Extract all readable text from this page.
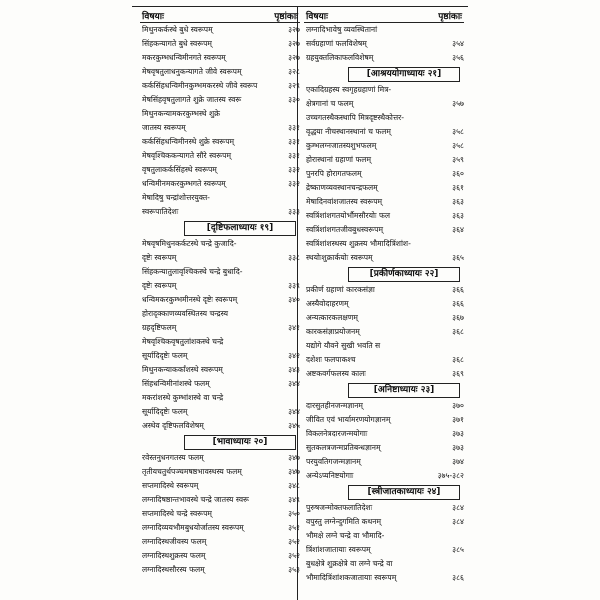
विषयाः	पृष्ठांकाः
मिथुनकर्कस्थे बुधे स्वरूपम्	३२७
सिंहकन्यागते बुधे स्वरूपम्	३२७
मकरकुम्भधन्विमीनगते स्वरूपम्	३२७
मेषवृषतुलाधनुकन्यागते जीवे स्वरूपम्	३२८
कर्कसिंहधन्विमीनकुम्भमकरस्थे जीवे स्वरूप	३२९
मेषसिंहवृषतुलागते शुक्रे जातस्य स्वरू	३३०
मिथुनकन्यामकरकुम्भस्थे शुक्रे
जातस्य स्वरूपम्	३३१
कर्कसिंहधन्विमीनस्थे शुक्रे स्वरूपम्	३३१
मेषवृश्चिककन्यागते सौरे स्वरूपम्	३३१
वृषतुलाकर्कसिंहस्थे स्वरूपम्	३३२
धन्विमीनमकरकुम्भगते स्वरूपम्	३३२
मेषादिषु चन्द्रांशोत्तरयुक्त-
स्वरूपातिदेशः	३३३
[दृष्टिफलाध्यायः १९]
मेषवृषमिथुनकर्कटस्थे चन्द्रे कुजादि-
दृष्टेः स्वरूपम्	३३८
सिंहकन्यातुलावृश्चिकस्थे चन्द्रे बुधादि-
दृष्टेः स्वरूपम्	३३९
धन्विमकरकुम्भमीनस्थे दृष्टेः स्वरूपम्	३४०
होरादृक्काणव्यवस्थितस्य चन्द्रस्य
ग्रहदृष्टिफलम्	३४१
मेषवृश्चिकवृषतुलांशकस्थे चन्द्रे
सूर्यादिदृष्टेः फलम्	३४२
मिथुनकन्याकर्कांशस्थे स्वरूपम्	३४३
सिंहधन्विमीनांशस्थे फलम्	३४४
मकरांशस्थे कुम्भांशस्थे वा चन्द्रे
सूर्यादिदृष्टेः फलम्	३४४
अस्थेव दृष्टिफलविशेषम्	३४५
[भावाध्यायः २०]
रवेस्तनुधनगतस्य फलम्	३४७
तृतीयचतुर्थपञ्चमषष्ठभावस्थस्य फलम्	३४७
सप्तमादिस्थे स्वरूपम्	३४८
लग्नादिषष्ठान्तभावस्थे चन्द्रे जातस्य स्वरू	३४९
सप्तमादिस्थे चन्द्रे स्वरूपम्	३५०
लग्नादिव्ययभौमबुधयोर्जातस्य स्वरूपम्	३५१
लग्नादिस्थजीवस्य फलम्	३५२
लग्नादिस्थशुक्रस्य फलम्	३५२
लग्नादिस्थसौरस्य फलम्	३५३
विषयाः	पृष्ठांकाः
लग्नादिभावेषु व्यवस्थितानां
सर्वग्रहाणां फलविशेषम्	३५४
ग्रहयुक्तलिकाफलविशेषम्	३५६
[आश्रययोगाध्यायः २१]
एकादिग्रहस्य स्वगृहग्रहाणां मित्र-
क्षेत्रगानां च फलम्	३५७
उच्चगतस्थैकस्थापि मित्रदृष्टस्थैकोत्तर-
वृद्धया नीचस्थानस्थानां च फलम्	३५८
कुम्भलग्नजातस्यशुभफलम्	३५८
होरास्थानां ग्रहाणां फलम्	३५९
पुनरपि होरागतफलम्	३६०
द्रेष्काणव्यवस्थानचन्द्रफलम्	३६१
मेषादिनवांशजातस्य स्वरूपम्	३६३
स्वत्रिंशांशगतयोर्भौमसौरयोः फल	३६३
स्वत्रिंशांशगतजीवबुधस्वरूपम्	३६४
स्वत्रिंशांशस्थस्य शुक्रस्य भौमादित्रिंशांश-
स्थयोःशुक्रार्कयोः स्वरूपम्	३६५
[प्रकीर्णकाध्यायः २२]
प्रकीर्ण ग्रहाणां कारकसंज्ञा	३६६
अस्यैवोदाहरणम्	३६६
अन्यत्कारकलक्षणम्	३६७
कारकसंज्ञाप्रयोजनम्	३६८
यद्योगे यौवने सुखी भवति स
दशेशः फलपाकश्च	३६८
अष्टकवर्गफलस्य कालः	३६९
[अनिष्टाध्यायः २३]
दारसुतहीनजन्मज्ञानम्	३७०
जीवित एवं भार्यामरणयोगज्ञानम्	३७१
विकलनेत्रदारजन्मयोगाः	३७३
सुतकलत्रजन्मप्रतिबन्धज्ञानम्	३७३
परयुवतिगजन्मज्ञानम्	३७४
अन्येऽप्यनिष्टयोगाः	३७५-३८२
[स्त्रीजातकाध्यायः २४]
पुरुषजन्मोक्तफलातिदेशः	३८४
वपुस्तु लग्नेन्दुगमिति कथनम्	३८४
भौमक्षे लग्ने चन्द्रे वा भौमादि-
त्रिंशांशजातायाः स्वरूपम्	३८५
बुधक्षेत्रे शुक्रक्षेत्रे वा लग्ने चन्द्रे वा
भौमादित्रिंशांशकजातायाः स्वरूपम्	३८६
